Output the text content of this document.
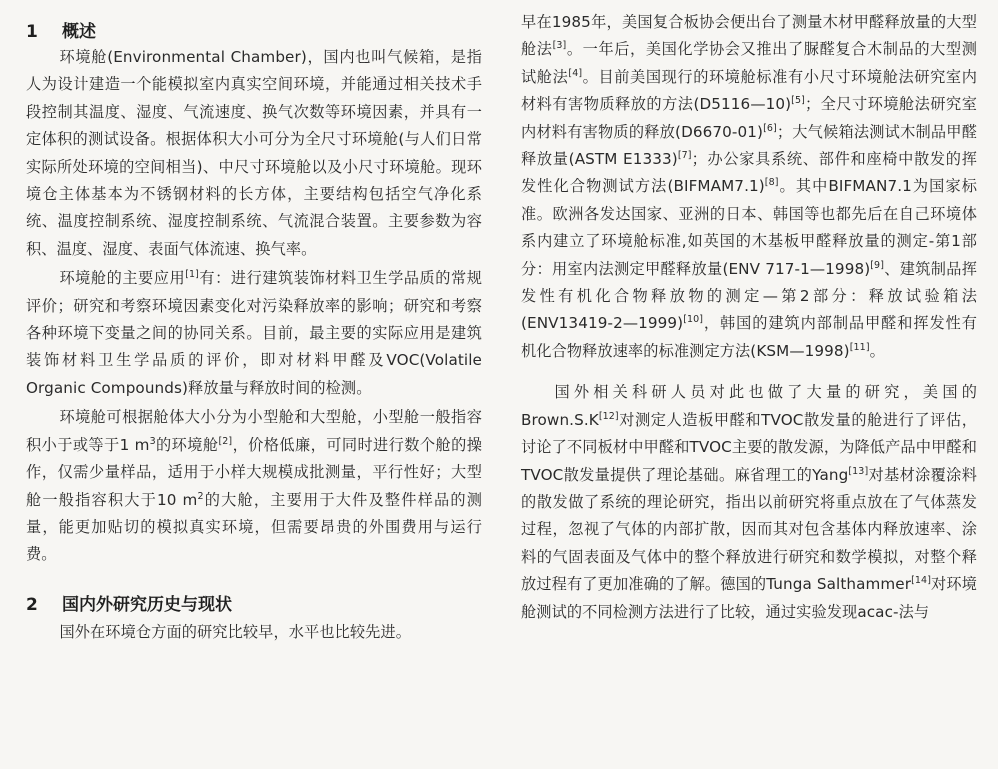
1	概述

环境舱(Environmental Chamber)，国内也叫气候箱，是指人为设计建造一个能模拟室内真实空间环境，并能通过相关技术手段控制其温度、湿度、气流速度、换气次数等环境因素，并具有一定体积的测试设备。根据体积大小可分为全尺寸环境舱(与人们日常实际所处环境的空间相当)、中尺寸环境舱以及小尺寸环境舱。现环境仓主体基本为不锈钢材料的长方体，主要结构包括空气净化系统、温度控制系统、湿度控制系统、气流混合装置。主要参数为容积、温度、湿度、表面气体流速、换气率。

环境舱的主要应用[1]有：进行建筑装饰材料卫生学品质的常规评价；研究和考察环境因素变化对污染释放率的影响；研究和考察各种环境下变量之间的协同关系。目前，最主要的实际应用是建筑装饰材料卫生学品质的评价，即对材料甲醛及VOC(Volatile Organic Compounds)释放量与释放时间的检测。

环境舱可根据舱体大小分为小型舱和大型舱，小型舱一般指容积小于或等于1 $m^3$的环境舱[2]，价格低廉，可同时进行数个舱的操作，仅需少量样品，适用于小样大规模成批测量，平行性好；大型舱一般指容积大于10 $m^2$的大舱，主要用于大件及整件样品的测量，能更加贴切的模拟真实环境，但需要昂贵的外围费用与运行费。

2	国内外研究历史与现状

国外在环境仓方面的研究比较早，水平也比较先进。

早在1985年，美国复合板协会便出台了测量木材甲醛释放量的大型舱法[3]。一年后，美国化学协会又推出了脲醛复合木制品的大型测试舱法[4]。目前美国现行的环境舱标准有小尺寸环境舱法研究室内材料有害物质释放的方法(D5116—10)[5]；全尺寸环境舱法研究室内材料有害物质的释放(D6670-01)[6]；大气候箱法测试木制品甲醛释放量(ASTM E1333)[7]；办公家具系统、部件和座椅中散发的挥发性化合物测试方法(BIFMAM7.1)[8]。其中BIFMAN7.1为国家标准。欧洲各发达国家、亚洲的日本、韩国等也都先后在自己环境体系内建立了环境舱标准,如英国的木基板甲醛释放量的测定-第1部分：用室内法测定甲醛释放量(ENV 717-1—1998)[9]、建筑制品挥发性有机化合物释放物的测定—第2部分：释放试验箱法(ENV13419-2—1999)[10]，韩国的建筑内部制品甲醛和挥发性有机化合物释放速率的标准测定方法(KSM—1998)[11]。

国外相关科研人员对此也做了大量的研究，美国的Brown.S.K[12]对测定人造板甲醛和TVOC散发量的舱进行了评估，讨论了不同板材中甲醛和TVOC主要的散发源，为降低产品中甲醛和TVOC散发量提供了理论基础。麻省理工的Yang[13]对基材涂覆涂料的散发做了系统的理论研究，指出以前研究将重点放在了气体蒸发过程，忽视了气体的内部扩散，因而其对包含基体内释放速率、涂料的气固表面及气体中的整个释放进行研究和数学模拟，对整个释放过程有了更加准确的了解。德国的Tunga Salthammer[14]对环境舱测试的不同检测方法进行了比较，通过实验发现acac-法与
